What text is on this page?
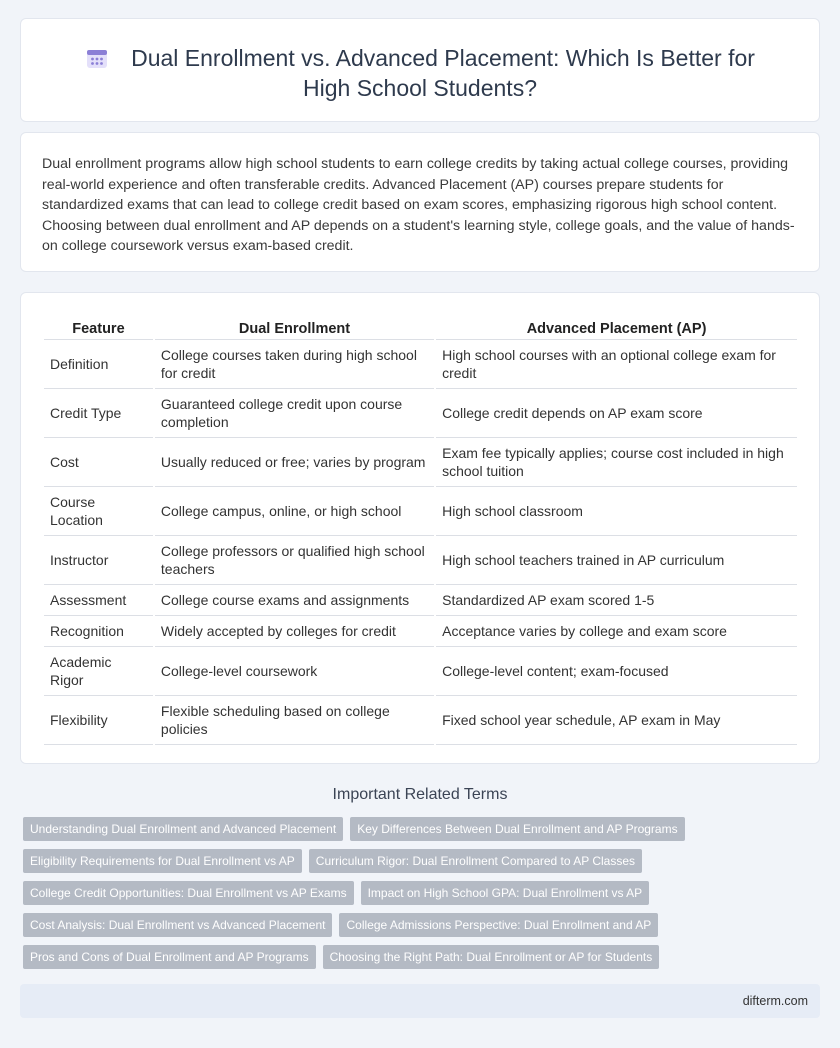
Dual Enrollment vs. Advanced Placement: Which Is Better for High School Students?

Dual enrollment programs allow high school students to earn college credits by taking actual college courses, providing real-world experience and often transferable credits. Advanced Placement (AP) courses prepare students for standardized exams that can lead to college credit based on exam scores, emphasizing rigorous high school content. Choosing between dual enrollment and AP depends on a student's learning style, college goals, and the value of hands-on college coursework versus exam-based credit.

Feature	Dual Enrollment	Advanced Placement (AP)
Definition	College courses taken during high school for credit	High school courses with an optional college exam for credit
Credit Type	Guaranteed college credit upon course completion	College credit depends on AP exam score
Cost	Usually reduced or free; varies by program	Exam fee typically applies; course cost included in high school tuition
Course Location	College campus, online, or high school	High school classroom
Instructor	College professors or qualified high school teachers	High school teachers trained in AP curriculum
Assessment	College course exams and assignments	Standardized AP exam scored 1-5
Recognition	Widely accepted by colleges for credit	Acceptance varies by college and exam score
Academic Rigor	College-level coursework	College-level content; exam-focused
Flexibility	Flexible scheduling based on college policies	Fixed school year schedule, AP exam in May
Important Related Terms
Understanding Dual Enrollment and Advanced Placement	Key Differences Between Dual Enrollment and AP Programs
Eligibility Requirements for Dual Enrollment vs AP	Curriculum Rigor: Dual Enrollment Compared to AP Classes
College Credit Opportunities: Dual Enrollment vs AP Exams	Impact on High School GPA: Dual Enrollment vs AP
Cost Analysis: Dual Enrollment vs Advanced Placement	College Admissions Perspective: Dual Enrollment and AP
Pros and Cons of Dual Enrollment and AP Programs	Choosing the Right Path: Dual Enrollment or AP for Students
difterm.com
